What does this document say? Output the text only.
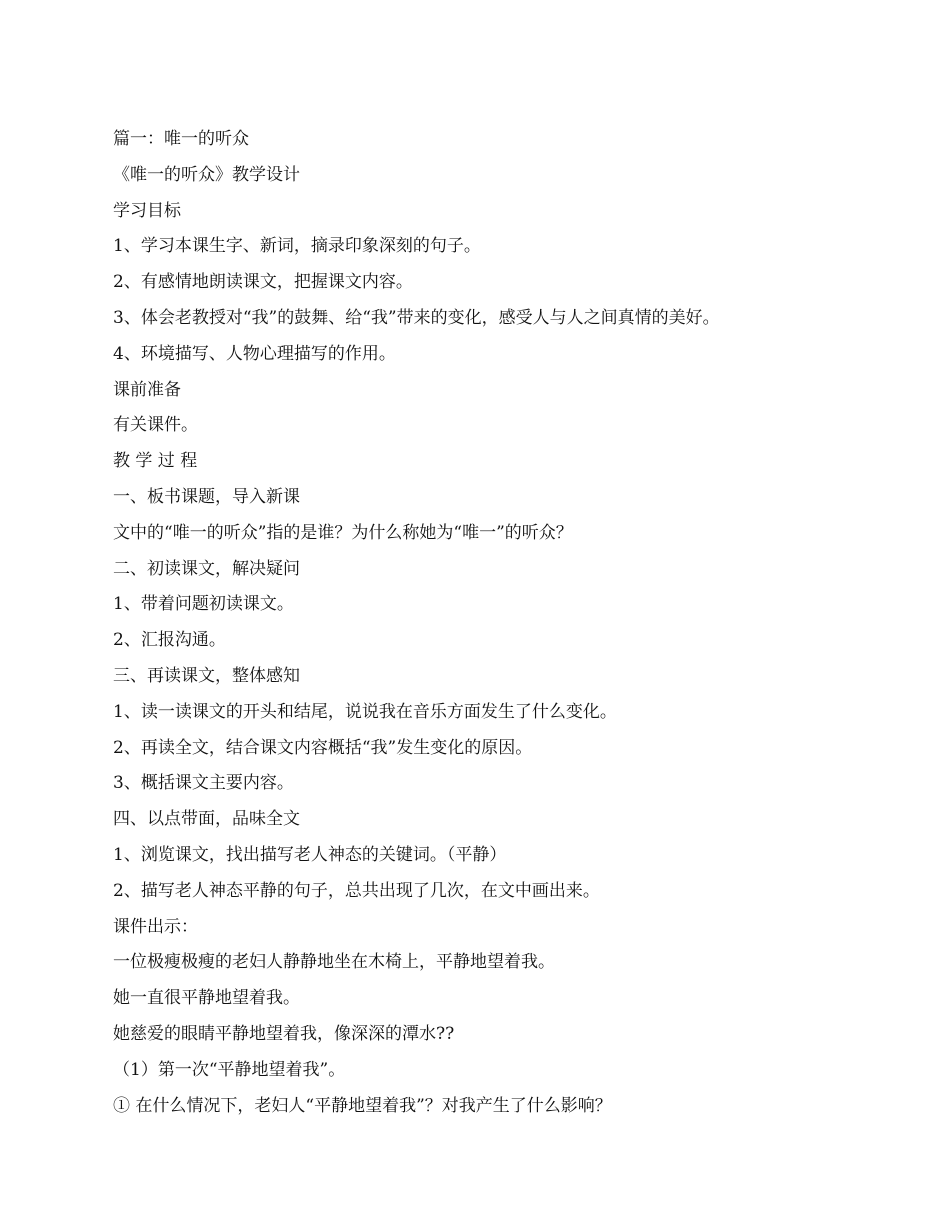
篇一：唯一的听众
《唯一的听众》教学设计
学习目标
1、学习本课生字、新词，摘录印象深刻的句子。
2、有感情地朗读课文，把握课文内容。
3、体会老教授对“我”的鼓舞、给“我”带来的变化，感受人与人之间真情的美好。
4、环境描写、人物心理描写的作用。
课前准备
有关课件。
教 学 过 程
一、板书课题，导入新课
文中的“唯一的听众”指的是谁？为什么称她为“唯一”的听众？
二、初读课文，解决疑问
1、带着问题初读课文。
2、汇报沟通。
三、再读课文，整体感知
1、读一读课文的开头和结尾，说说我在音乐方面发生了什么变化。
2、再读全文，结合课文内容概括“我”发生变化的原因。
3、概括课文主要内容。
四、以点带面，品味全文
1、浏览课文，找出描写老人神态的关键词。（平静）
2、描写老人神态平静的句子，总共出现了几次，在文中画出来。
课件出示：
一位极瘦极瘦的老妇人静静地坐在木椅上，平静地望着我。
她一直很平静地望着我。
她慈爱的眼睛平静地望着我，像深深的潭水??
（1）第一次“平静地望着我”。
① 在什么情况下，老妇人“平静地望着我”？对我产生了什么影响？
